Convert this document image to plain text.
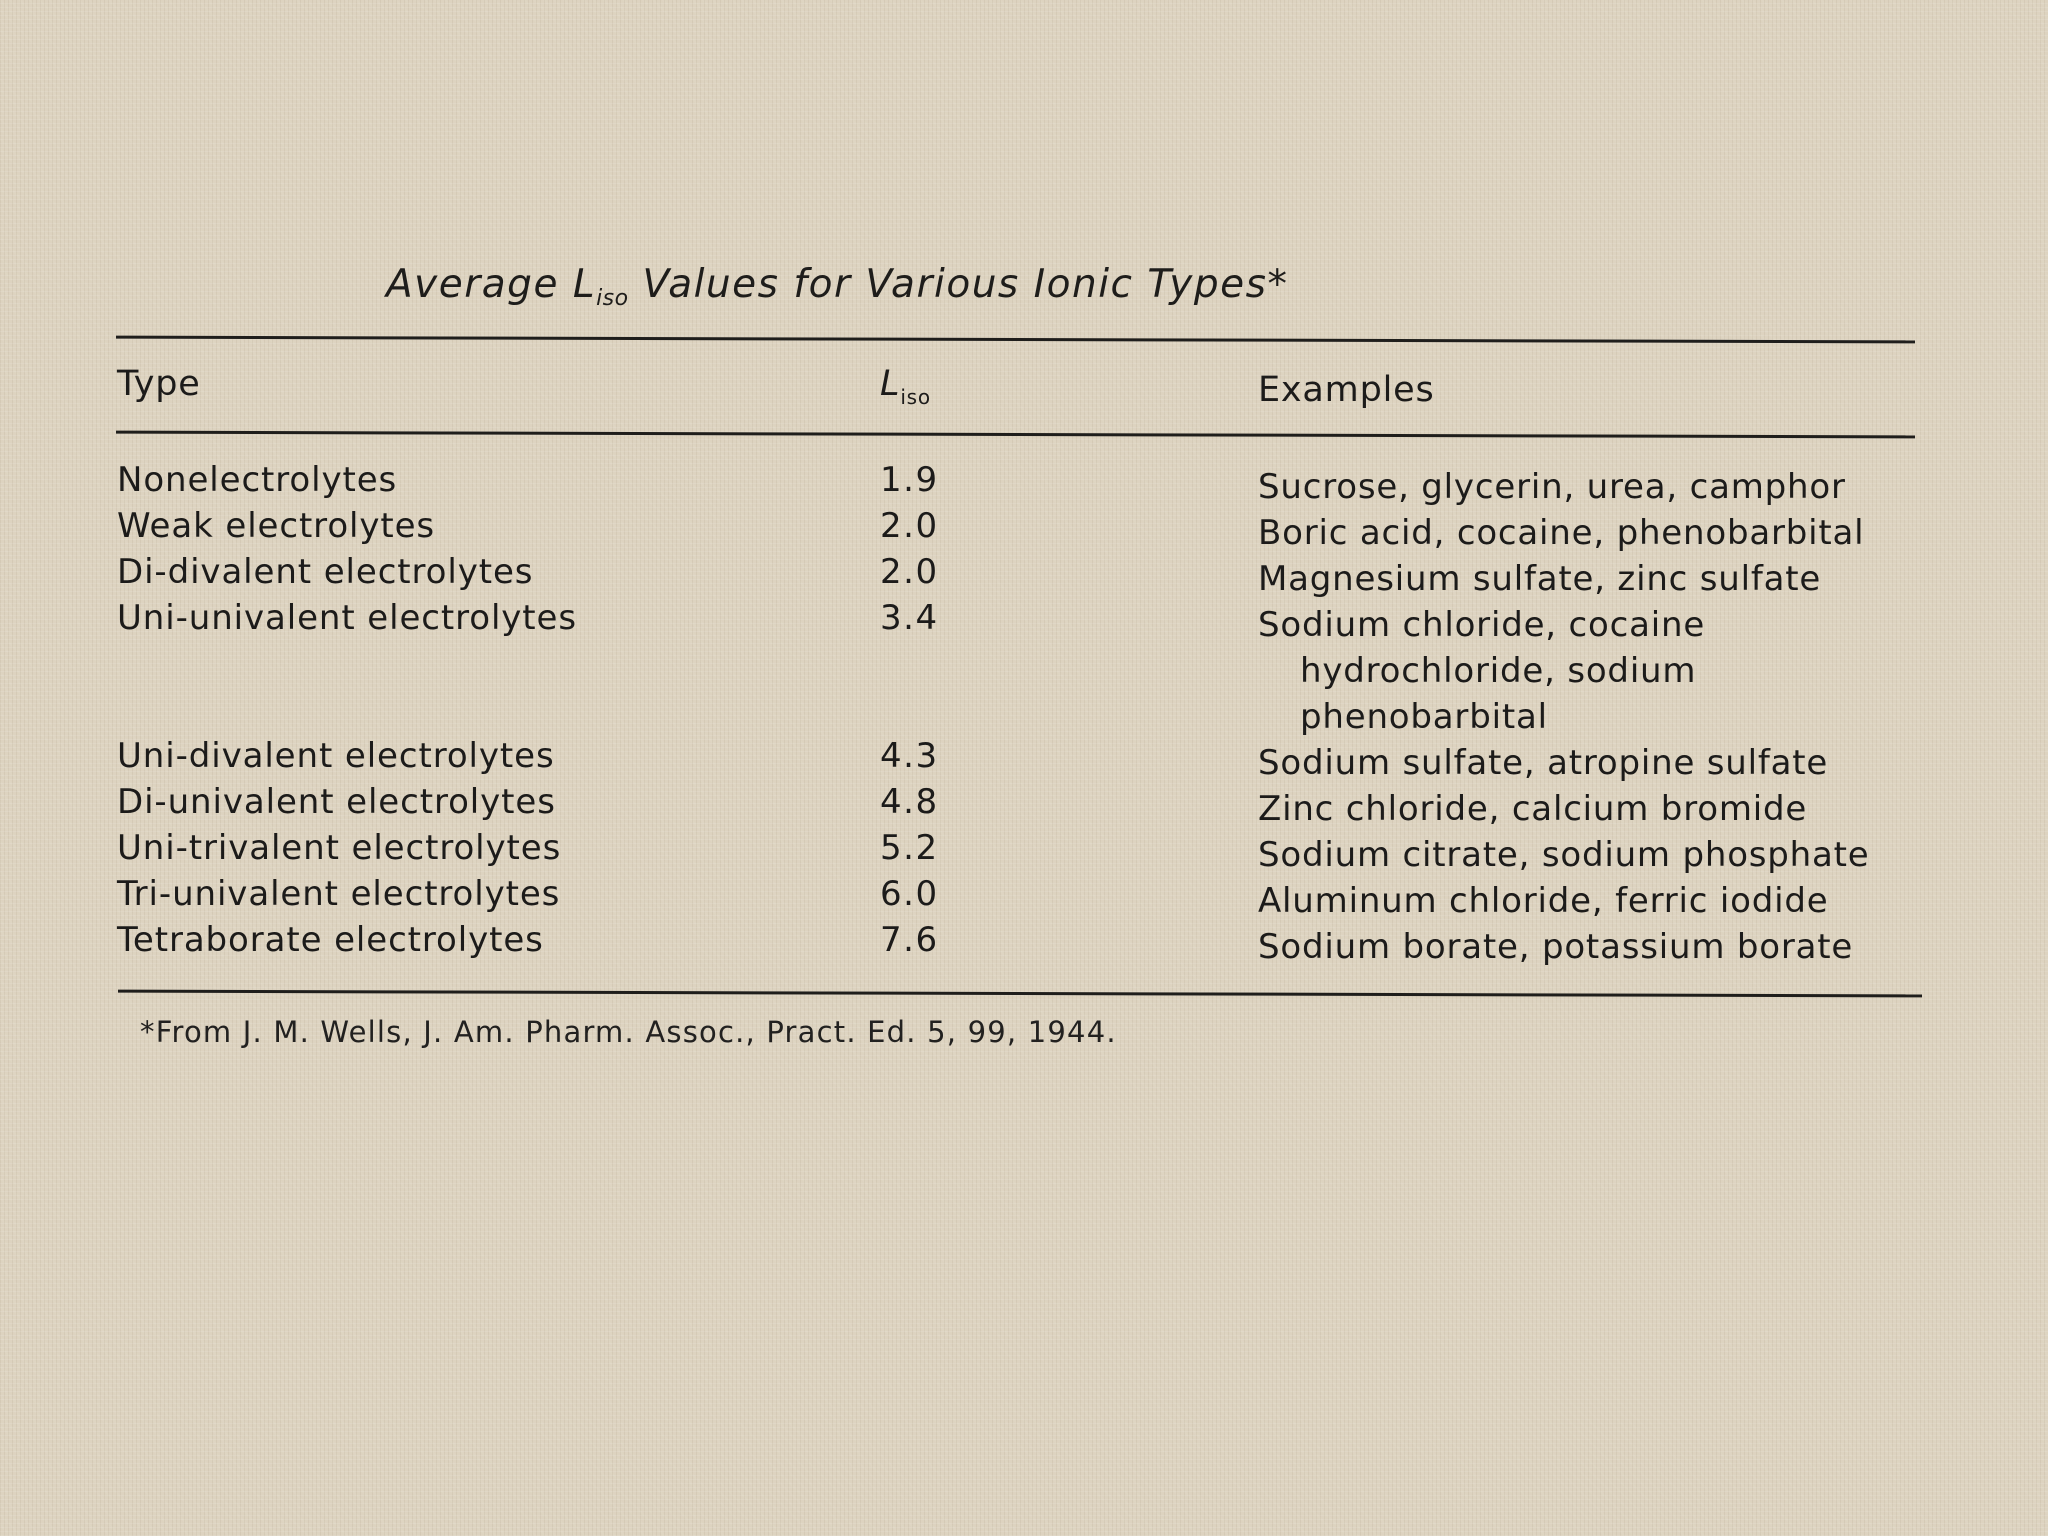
Average $L_{iso}$ Values for Various Ionic Types*
Type	$L_{iso}$	Examples
Nonelectrolytes	1.9	Sucrose, glycerin, urea, camphor
Weak electrolytes	2.0	Boric acid, cocaine, phenobarbital
Di-divalent electrolytes	2.0	Magnesium sulfate, zinc sulfate
Uni-univalent electrolytes	3.4	Sodium chloride, cocaine
hydrochloride, sodium
phenobarbital
Uni-divalent electrolytes	4.3	Sodium sulfate, atropine sulfate
Di-univalent electrolytes	4.8	Zinc chloride, calcium bromide
Uni-trivalent electrolytes	5.2	Sodium citrate, sodium phosphate
Tri-univalent electrolytes	6.0	Aluminum chloride, ferric iodide
Tetraborate electrolytes	7.6	Sodium borate, potassium borate
*From J. M. Wells, J. Am. Pharm. Assoc., Pract. Ed. 5, 99, 1944.
